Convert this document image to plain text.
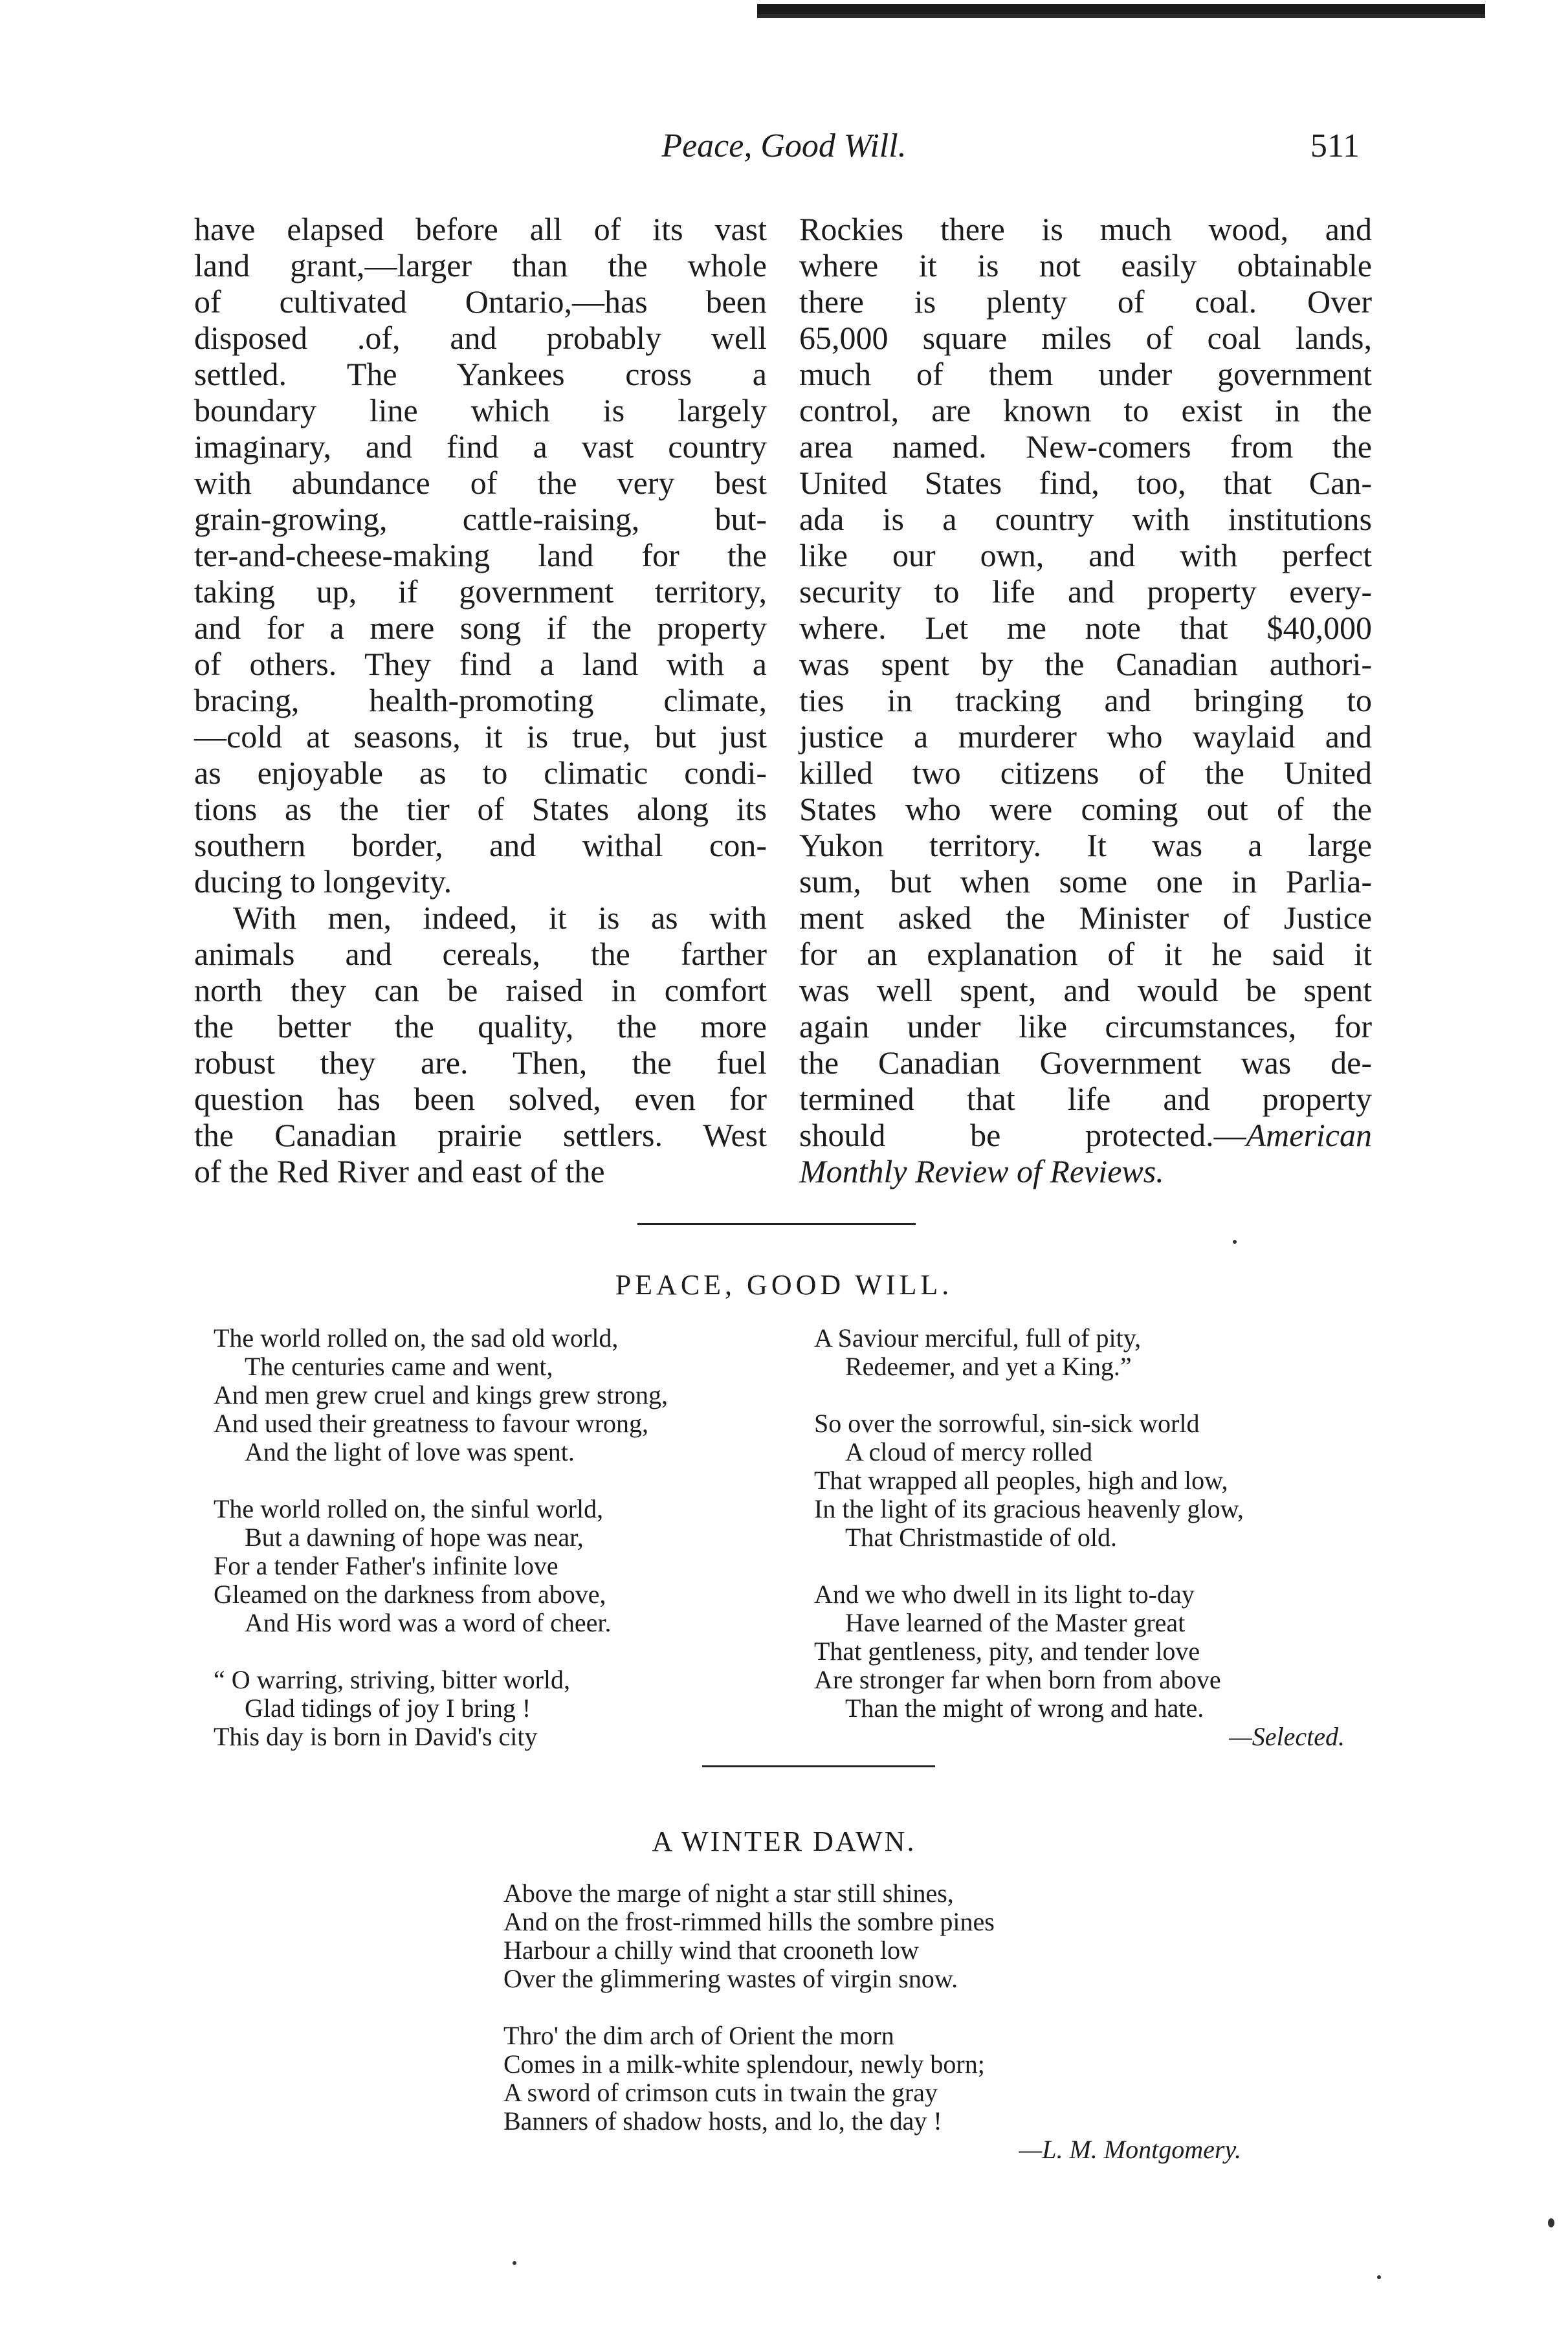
Peace, Good Will.	511
have elapsed before all of its vast
land grant,—larger than the whole
of cultivated Ontario,—has been
disposed .of, and probably well
settled. The Yankees cross a
boundary line which is largely
imaginary, and find a vast country
with abundance of the very best
grain-growing, cattle-raising, but-
ter-and-cheese-making land for the
taking up, if government territory,
and for a mere song if the property
of others. They find a land with a
bracing, health-promoting climate,
—cold at seasons, it is true, but just
as enjoyable as to climatic condi-
tions as the tier of States along its
southern border, and withal con-
ducing to longevity.
With men, indeed, it is as with
animals and cereals, the farther
north they can be raised in comfort
the better the quality, the more
robust they are. Then, the fuel
question has been solved, even for
the Canadian prairie settlers. West
of the Red River and east of the
Rockies there is much wood, and
where it is not easily obtainable
there is plenty of coal. Over
65,000 square miles of coal lands,
much of them under government
control, are known to exist in the
area named. New-comers from the
United States find, too, that Can-
ada is a country with institutions
like our own, and with perfect
security to life and property every-
where. Let me note that $40,000
was spent by the Canadian authori-
ties in tracking and bringing to
justice a murderer who waylaid and
killed two citizens of the United
States who were coming out of the
Yukon territory. It was a large
sum, but when some one in Parlia-
ment asked the Minister of Justice
for an explanation of it he said it
was well spent, and would be spent
again under like circumstances, for
the Canadian Government was de-
termined that life and property
should be protected.—American
Monthly Review of Reviews.
PEACE, GOOD WILL.
The world rolled on, the sad old world,
The centuries came and went,
And men grew cruel and kings grew strong,
And used their greatness to favour wrong,
And the light of love was spent.
The world rolled on, the sinful world,
But a dawning of hope was near,
For a tender Father's infinite love
Gleamed on the darkness from above,
And His word was a word of cheer.
“ O warring, striving, bitter world,
Glad tidings of joy I bring !
This day is born in David's city
A Saviour merciful, full of pity,
Redeemer, and yet a King.”
So over the sorrowful, sin-sick world
A cloud of mercy rolled
That wrapped all peoples, high and low,
In the light of its gracious heavenly glow,
That Christmastide of old.
And we who dwell in its light to-day
Have learned of the Master great
That gentleness, pity, and tender love
Are stronger far when born from above
Than the might of wrong and hate.
—Selected.
A WINTER DAWN.
Above the marge of night a star still shines,
And on the frost-rimmed hills the sombre pines
Harbour a chilly wind that crooneth low
Over the glimmering wastes of virgin snow.
Thro' the dim arch of Orient the morn
Comes in a milk-white splendour, newly born;
A sword of crimson cuts in twain the gray
Banners of shadow hosts, and lo, the day !
—L. M. Montgomery.
